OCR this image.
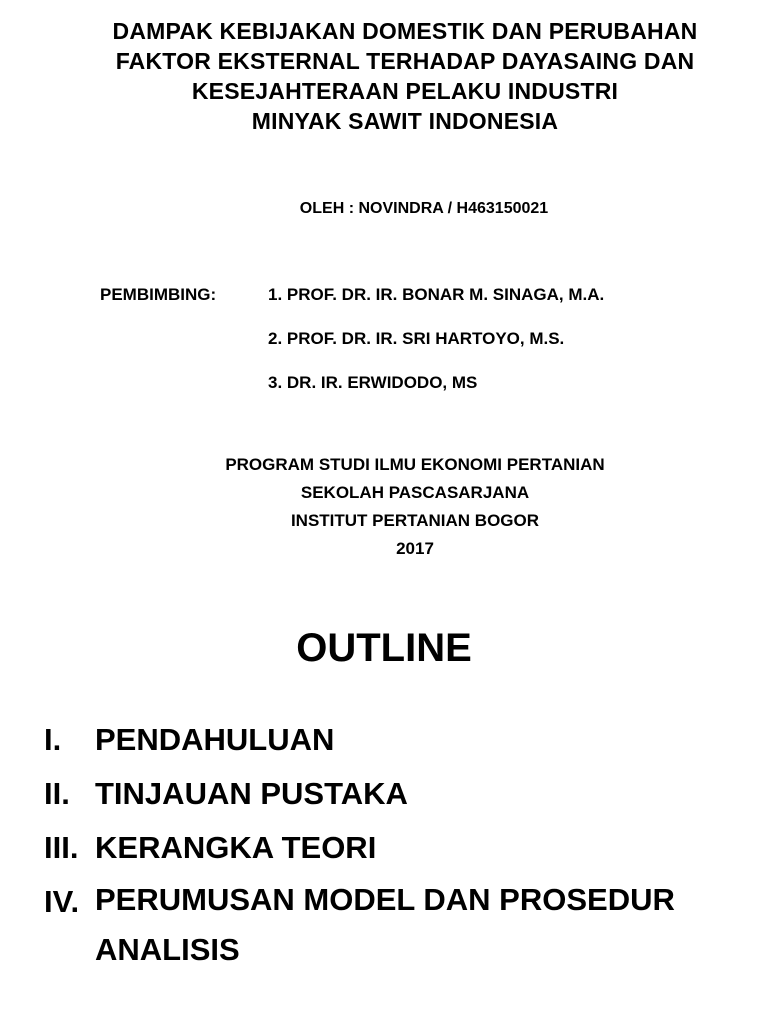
DAMPAK KEBIJAKAN DOMESTIK DAN PERUBAHAN
FAKTOR EKSTERNAL TERHADAP DAYASAING DAN
KESEJAHTERAAN PELAKU INDUSTRI
MINYAK SAWIT INDONESIA
OLEH : NOVINDRA / H463150021
PEMBIMBING:	1. PROF. DR. IR. BONAR M. SINAGA, M.A.
2. PROF. DR. IR. SRI HARTOYO, M.S.
3. DR. IR. ERWIDODO, MS
PROGRAM STUDI ILMU EKONOMI PERTANIAN
SEKOLAH PASCASARJANA
INSTITUT PERTANIAN BOGOR
2017
OUTLINE
I.	PENDAHULUAN
II. TINJAUAN PUSTAKA
III. KERANGKA TEORI
IV. PERUMUSAN MODEL DAN PROSEDUR ANALISIS
